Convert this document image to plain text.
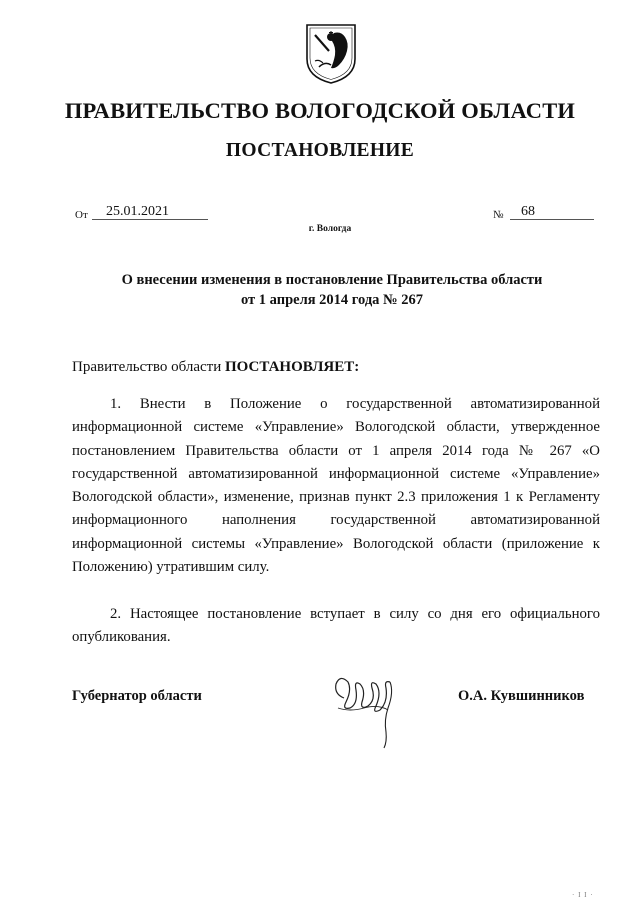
ПРАВИТЕЛЬСТВО ВОЛОГОДСКОЙ ОБЛАСТИ
ПОСТАНОВЛЕНИЕ
От	25.01.2021	№	68
г. Вологда
О внесении изменения в постановление Правительства области
от 1 апреля 2014 года № 267
Правительство области ПОСТАНОВЛЯЕТ:
1. Внести в Положение о государственной автоматизированной информационной системе «Управление» Вологодской области, утвержденное постановлением Правительства области от 1 апреля 2014 года № 267 «О государственной автоматизированной информационной системе «Управление» Вологодской области», изменение, признав пункт 2.3 приложения 1 к Регламенту информационного наполнения государственной автоматизированной информационной системы «Управление» Вологодской области (приложение к Положению) утратившим силу.
2. Настоящее постановление вступает в силу со дня его официального опубликования.
Губернатор области	О.А. Кувшинников
· I I ·
